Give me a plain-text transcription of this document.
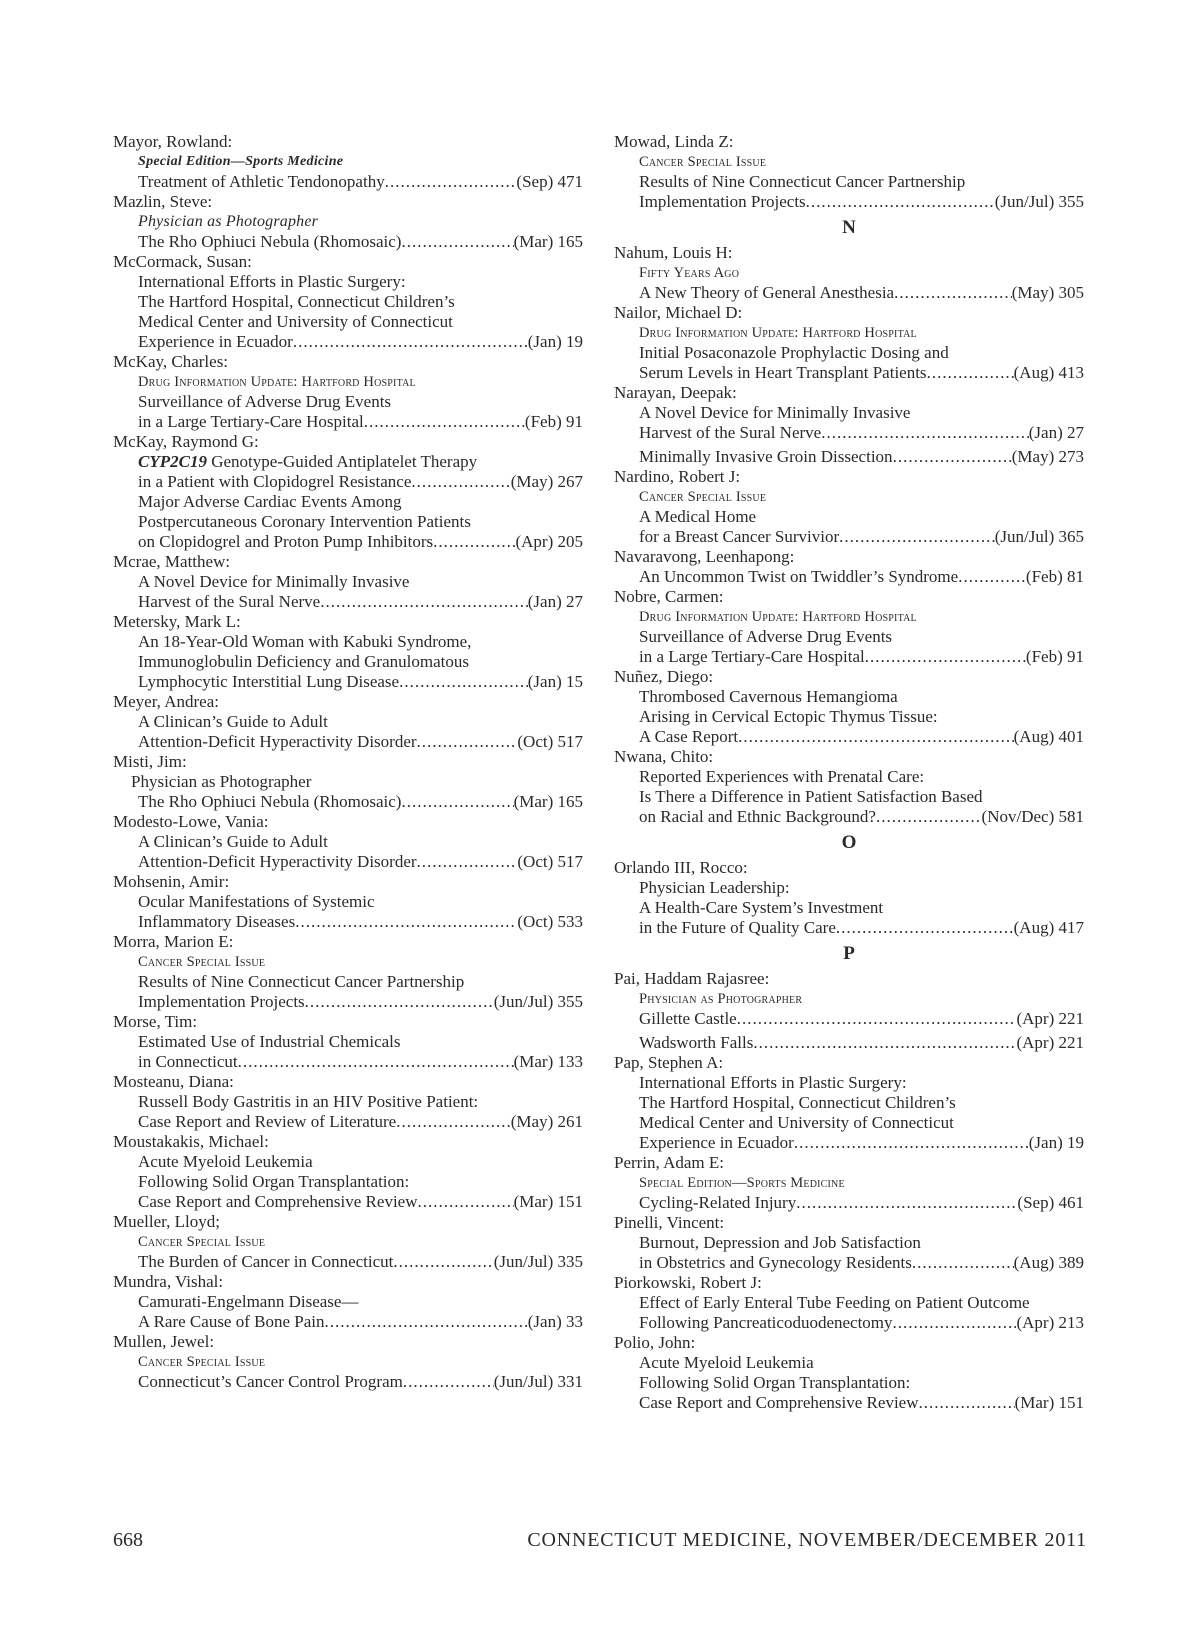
Mayor, Rowland:
Special Edition—Sports Medicine
Treatment of Athletic Tendonopathy .....	(Sep) 471
Mazlin, Steve:
Physician as Photographer
The Rho Ophiuci Nebula (Rhomosaic) .....	(Mar) 165
McCormack, Susan:
International Efforts in Plastic Surgery:
The Hartford Hospital, Connecticut Children’s
Medical Center and University of Connecticut
Experience in Ecuador .....	(Jan) 19
McKay, Charles:
Drug Information Update: Hartford Hospital
Surveillance of Adverse Drug Events
in a Large Tertiary-Care Hospital .....	(Feb) 91
McKay, Raymond G:
CYP2C19 Genotype-Guided Antiplatelet Therapy
in a Patient with Clopidogrel Resistance .....	(May) 267
Major Adverse Cardiac Events Among
Postpercutaneous Coronary Intervention Patients
on Clopidogrel and Proton Pump Inhibitors .....	(Apr) 205
Mcrae, Matthew:
A Novel Device for Minimally Invasive
Harvest of the Sural Nerve .....	(Jan) 27
Metersky, Mark L:
An 18-Year-Old Woman with Kabuki Syndrome,
Immunoglobulin Deficiency and Granulomatous
Lymphocytic Interstitial Lung Disease .....	(Jan) 15
Meyer, Andrea:
A Clinican’s Guide to Adult
Attention-Deficit Hyperactivity Disorder .....	(Oct) 517
Misti, Jim:
Physician as Photographer
The Rho Ophiuci Nebula (Rhomosaic) .....	(Mar) 165
Modesto-Lowe, Vania:
A Clinican’s Guide to Adult
Attention-Deficit Hyperactivity Disorder .....	(Oct) 517
Mohsenin, Amir:
Ocular Manifestations of Systemic
Inflammatory Diseases .....	(Oct) 533
Morra, Marion E:
Cancer Special Issue
Results of Nine Connecticut Cancer Partnership
Implementation Projects .....	(Jun/Jul) 355
Morse, Tim:
Estimated Use of Industrial Chemicals
in Connecticut .....	(Mar) 133
Mosteanu, Diana:
Russell Body Gastritis in an HIV Positive Patient:
Case Report and Review of Literature .....	(May) 261
Moustakakis, Michael:
Acute Myeloid Leukemia
Following Solid Organ Transplantation:
Case Report and Comprehensive Review .....	(Mar) 151
Mueller, Lloyd;
Cancer Special Issue
The Burden of Cancer in Connecticut .....	(Jun/Jul) 335
Mundra, Vishal:
Camurati-Engelmann Disease—
A Rare Cause of Bone Pain .....	(Jan) 33
Mullen, Jewel:
Cancer Special Issue
Connecticut’s Cancer Control Program .....	(Jun/Jul) 331
Mowad, Linda Z:
Cancer Special Issue
Results of Nine Connecticut Cancer Partnership
Implementation Projects .....	(Jun/Jul) 355
N
Nahum, Louis H:
Fifty Years Ago
A New Theory of General Anesthesia .....	(May) 305
Nailor, Michael D:
Drug Information Update: Hartford Hospital
Initial Posaconazole Prophylactic Dosing and
Serum Levels in Heart Transplant Patients .....	(Aug) 413
Narayan, Deepak:
A Novel Device for Minimally Invasive
Harvest of the Sural Nerve .....	(Jan) 27
Minimally Invasive Groin Dissection .....	(May) 273
Nardino, Robert J:
Cancer Special Issue
A Medical Home
for a Breast Cancer Survivior .....	(Jun/Jul) 365
Navaravong, Leenhapong:
An Uncommon Twist on Twiddler’s Syndrome .....	(Feb) 81
Nobre, Carmen:
Drug Information Update: Hartford Hospital
Surveillance of Adverse Drug Events
in a Large Tertiary-Care Hospital .....	(Feb) 91
Nuñez, Diego:
Thrombosed Cavernous Hemangioma
Arising in Cervical Ectopic Thymus Tissue:
A Case Report .....	(Aug) 401
Nwana, Chito:
Reported Experiences with Prenatal Care:
Is There a Difference in Patient Satisfaction Based
on Racial and Ethnic Background? .....	(Nov/Dec) 581
O
Orlando III, Rocco:
Physician Leadership:
A Health-Care System’s Investment
in the Future of Quality Care .....	(Aug) 417
P
Pai, Haddam Rajasree:
Physician as Photographer
Gillette Castle .....	(Apr) 221
Wadsworth Falls .....	(Apr) 221
Pap, Stephen A:
International Efforts in Plastic Surgery:
The Hartford Hospital, Connecticut Children’s
Medical Center and University of Connecticut
Experience in Ecuador .....	(Jan) 19
Perrin, Adam E:
Special Edition—Sports Medicine
Cycling-Related Injury .....	(Sep) 461
Pinelli, Vincent:
Burnout, Depression and Job Satisfaction
in Obstetrics and Gynecology Residents .....	(Aug) 389
Piorkowski, Robert J:
Effect of Early Enteral Tube Feeding on Patient Outcome
Following Pancreaticoduodenectomy .....	(Apr) 213
Polio, John:
Acute Myeloid Leukemia
Following Solid Organ Transplantation:
Case Report and Comprehensive Review .....	(Mar) 151
668	CONNECTICUT MEDICINE, NOVEMBER/DECEMBER 2011
